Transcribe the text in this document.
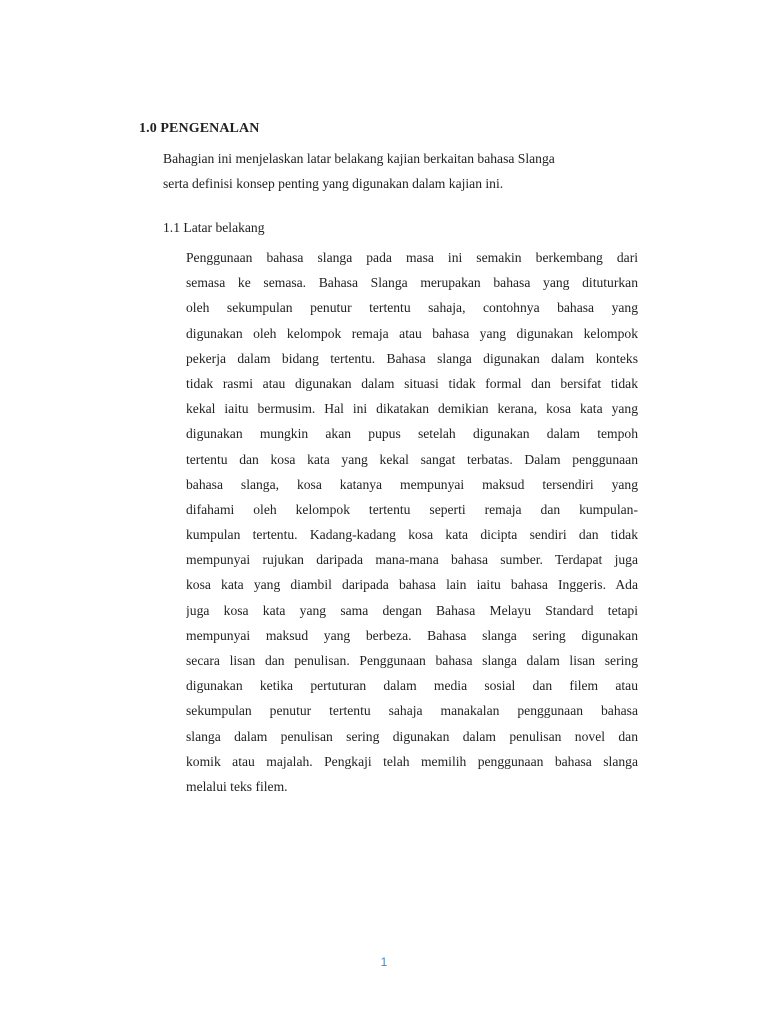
1.0 PENGENALAN
Bahagian ini menjelaskan latar belakang kajian berkaitan bahasa Slanga
serta definisi konsep penting yang digunakan dalam kajian ini.
1.1 Latar belakang
Penggunaan bahasa slanga pada masa ini semakin berkembang dari
semasa ke semasa. Bahasa Slanga merupakan bahasa yang dituturkan
oleh sekumpulan penutur tertentu sahaja, contohnya bahasa yang
digunakan oleh kelompok remaja atau bahasa yang digunakan kelompok
pekerja dalam bidang tertentu. Bahasa slanga digunakan dalam konteks
tidak rasmi atau digunakan dalam situasi tidak formal dan bersifat tidak
kekal iaitu bermusim. Hal ini dikatakan demikian kerana, kosa kata yang
digunakan mungkin akan pupus setelah digunakan dalam tempoh
tertentu dan kosa kata yang kekal sangat terbatas. Dalam penggunaan
bahasa slanga, kosa katanya mempunyai maksud tersendiri yang
difahami oleh kelompok tertentu seperti remaja dan kumpulan-
kumpulan tertentu. Kadang-kadang kosa kata dicipta sendiri dan tidak
mempunyai rujukan daripada mana-mana bahasa sumber. Terdapat juga
kosa kata yang diambil daripada bahasa lain iaitu bahasa Inggeris. Ada
juga kosa kata yang sama dengan Bahasa Melayu Standard tetapi
mempunyai maksud yang berbeza. Bahasa slanga sering digunakan
secara lisan dan penulisan. Penggunaan bahasa slanga dalam lisan sering
digunakan ketika pertuturan dalam media sosial dan filem atau
sekumpulan penutur tertentu sahaja manakalan penggunaan bahasa
slanga dalam penulisan sering digunakan dalam penulisan novel dan
komik atau majalah. Pengkaji telah memilih penggunaan bahasa slanga
melalui teks filem.
1
